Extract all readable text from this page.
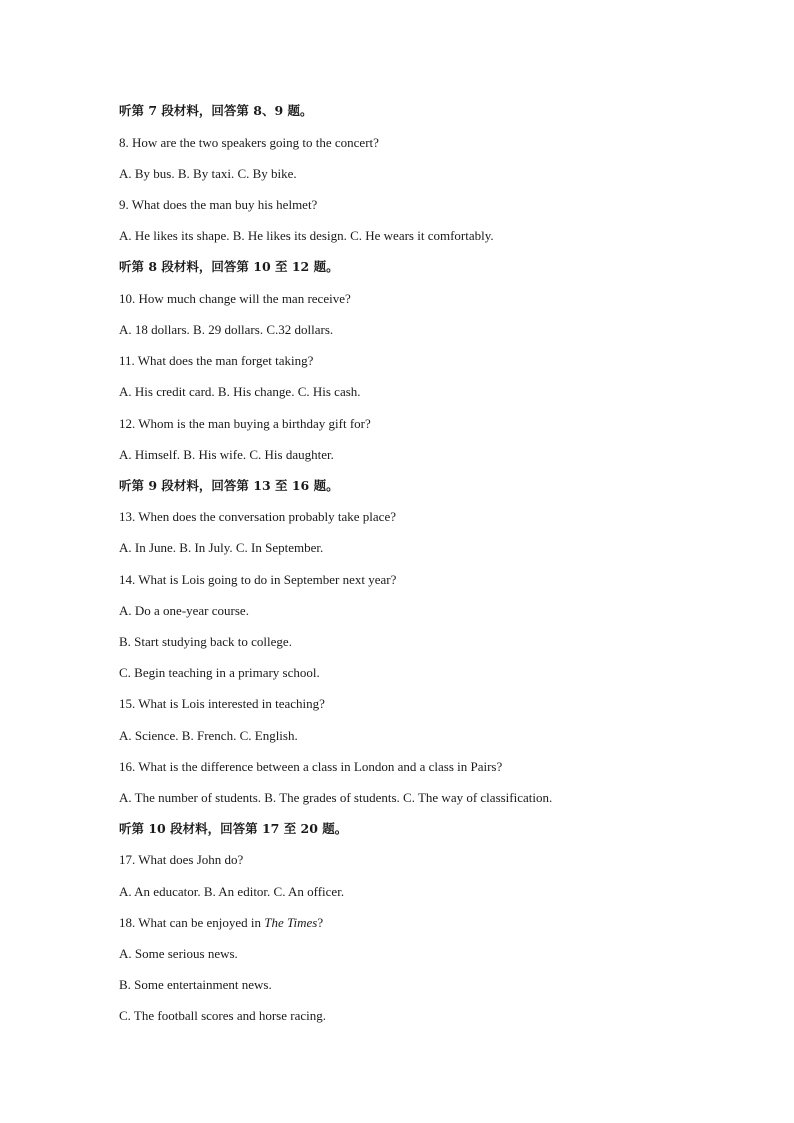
听第 7 段材料，回答第 8、9 题。
8. How are the two speakers going to the concert?
A. By bus. B. By taxi. C. By bike.
9. What does the man buy his helmet?
A. He likes its shape. B. He likes its design. C. He wears it comfortably.
听第 8 段材料，回答第 10 至 12 题。
10. How much change will the man receive?
A. 18 dollars. B. 29 dollars. C.32 dollars.
11. What does the man forget taking?
A. His credit card. B. His change. C. His cash.
12. Whom is the man buying a birthday gift for?
A. Himself. B. His wife. C. His daughter.
听第 9 段材料，回答第 13 至 16 题。
13. When does the conversation probably take place?
A. In June. B. In July. C. In September.
14. What is Lois going to do in September next year?
A. Do a one-year course.
B. Start studying back to college.
C. Begin teaching in a primary school.
15. What is Lois interested in teaching?
A. Science. B. French. C. English.
16. What is the difference between a class in London and a class in Pairs?
A. The number of students. B. The grades of students. C. The way of classification.
听第 10 段材料，回答第 17 至 20 题。
17. What does John do?
A. An educator. B. An editor. C. An officer.
18. What can be enjoyed in The Times?
A. Some serious news.
B. Some entertainment news.
C. The football scores and horse racing.
